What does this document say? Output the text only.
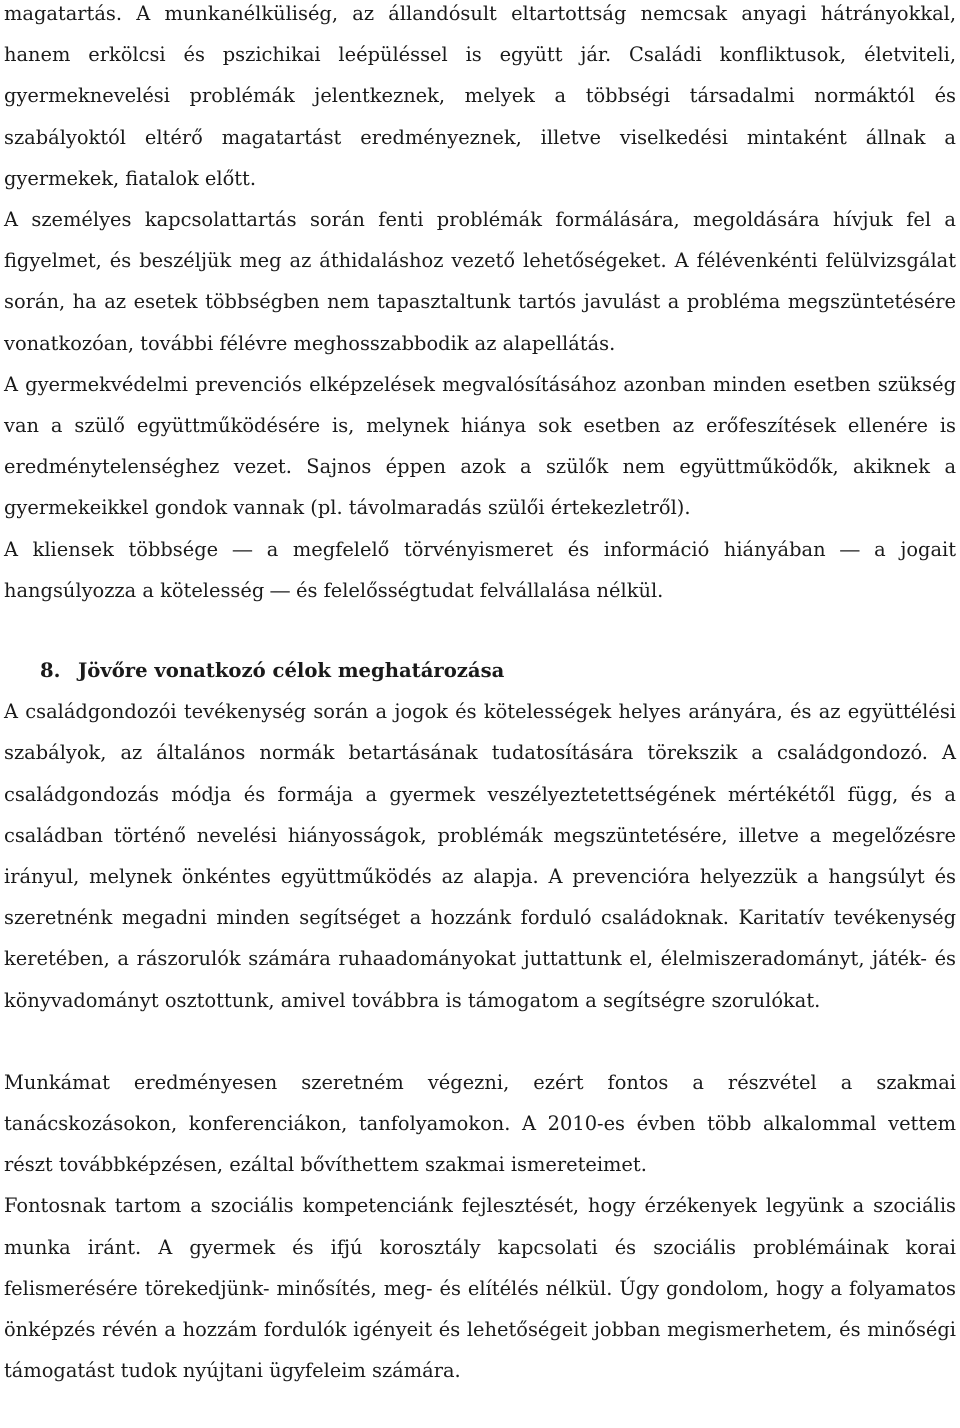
magatartás. A munkanélküliség, az állandósult eltartottság nemcsak anyagi hátrányokkal, hanem erkölcsi és pszichikai leépüléssel is együtt jár. Családi konfliktusok, életviteli, gyermeknevelési problémák jelentkeznek, melyek a többségi társadalmi normáktól és szabályoktól eltérő magatartást eredményeznek, illetve viselkedési mintaként állnak a gyermekek, fiatalok előtt.

A személyes kapcsolattartás során fenti problémák formálására, megoldására hívjuk fel a figyelmet, és beszéljük meg az áthidaláshoz vezető lehetőségeket. A félévenkénti felülvizsgálat során, ha az esetek többségben nem tapasztaltunk tartós javulást a probléma megszüntetésére vonatkozóan, további félévre meghosszabbodik az alapellátás.

A gyermekvédelmi prevenciós elképzelések megvalósításához azonban minden esetben szükség van a szülő együttműködésére is, melynek hiánya sok esetben az erőfeszítések ellenére is eredménytelenséghez vezet. Sajnos éppen azok a szülők nem együttműködők, akiknek a gyermekeikkel gondok vannak (pl. távolmaradás szülői értekezletről).

A kliensek többsége ― a megfelelő törvényismeret és információ hiányában ― a jogait hangsúlyozza a kötelesség ― és felelősségtudat felvállalása nélkül.

8. Jövőre vonatkozó célok meghatározása

A családgondozói tevékenység során a jogok és kötelességek helyes arányára, és az együttélési szabályok, az általános normák betartásának tudatosítására törekszik a családgondozó. A családgondozás módja és formája a gyermek veszélyeztetettségének mértékétől függ, és a családban történő nevelési hiányosságok, problémák megszüntetésére, illetve a megelőzésre irányul, melynek önkéntes együttműködés az alapja. A prevencióra helyezzük a hangsúlyt és szeretnénk megadni minden segítséget a hozzánk forduló családoknak. Karitatív tevékenység keretében, a rászorulók számára ruhaadományokat juttattunk el, élelmiszeradományt, játék- és könyvadományt osztottunk, amivel továbbra is támogatom a segítségre szorulókat.

Munkámat eredményesen szeretném végezni, ezért fontos a részvétel a szakmai tanácskozásokon, konferenciákon, tanfolyamokon. A 2010-es évben több alkalommal vettem részt továbbképzésen, ezáltal bővíthettem szakmai ismereteimet.

Fontosnak tartom a szociális kompetenciánk fejlesztését, hogy érzékenyek legyünk a szociális munka iránt. A gyermek és ifjú korosztály kapcsolati és szociális problémáinak korai felismerésére törekedjünk- minősítés, meg- és elítélés nélkül. Úgy gondolom, hogy a folyamatos önképzés révén a hozzám fordulók igényeit és lehetőségeit jobban megismerhetem, és minőségi támogatást tudok nyújtani ügyfeleim számára.
